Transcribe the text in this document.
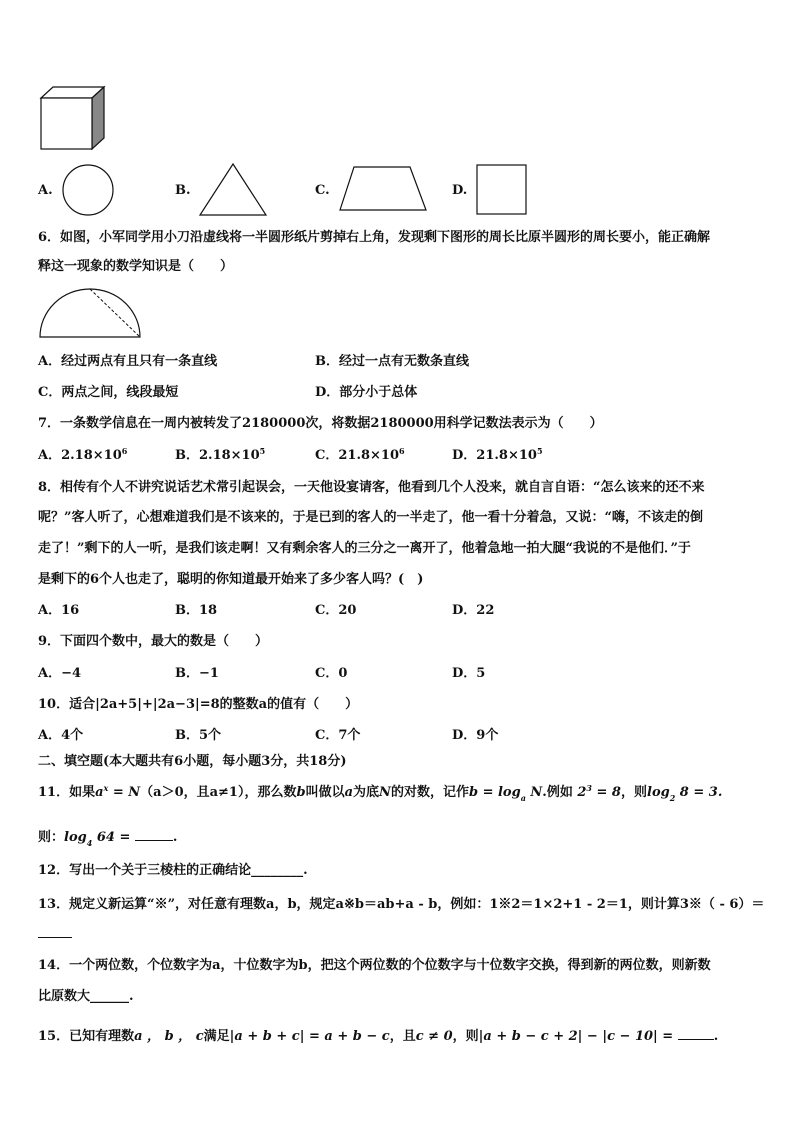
A.	B.	C.	D.
6．如图，小军同学用小刀沿虚线将一半圆形纸片剪掉右上角，发现剩下图形的周长比原半圆形的周长要小，能正确解
释这一现象的数学知识是（　　）
A．经过两点有且只有一条直线	B．经过一点有无数条直线
C．两点之间，线段最短	D．部分小于总体
7．一条数学信息在一周内被转发了2180000次，将数据2180000用科学记数法表示为（　　）
A．$2.18\times 10^6$	B．$2.18\times 10^5$	C．$21.8\times 10^6$	D．$21.8\times 10^5$
8．相传有个人不讲究说话艺术常引起误会，一天他设宴请客，他看到几个人没来，就自言自语：“怎么该来的还不来
呢？”客人听了，心想难道我们是不该来的，于是已到的客人的一半走了，他一看十分着急，又说：“嗨，不该走的倒
走了！”剩下的人一听，是我们该走啊！又有剩余客人的三分之一离开了，他着急地一拍大腿“我说的不是他们．”于
是剩下的6个人也走了，聪明的你知道最开始来了多少客人吗？(　)
A．16	B．18	C．20	D．22
9．下面四个数中，最大的数是（　　）
A．−4	B．−1	C．0	D．5
10．适合|2a+5|+|2a−3|=8的整数a的值有（　　）
A．4个	B．5个	C．7个	D．9个
二、填空题(本大题共有6小题，每小题3分，共18分)
11．如果$a^x = N(a>0$，且a≠1），那么数b叫做以a为底N的对数，记作b = loga N.例如 $2^3 = 8$，则log2 8 = 3.
则：log4 64 =	.
12．写出一个关于三棱柱的正确结论________.
13．规定义新运算“※”，对任意有理数a，b，规定a※b＝ab+a - b，例如：1※2＝1×2+1 - 2＝1，则计算3※（ - 6）＝
14．一个两位数，个位数字为a，十位数字为b，把这个两位数的个位数字与十位数字交换，得到新的两位数，则新数
比原数大______.
15．已知有理数a ， b ， c满足|a + b + c| = a + b − c，且c ≠ 0，则|a + b − c + 2| − |c − 10| =	.
